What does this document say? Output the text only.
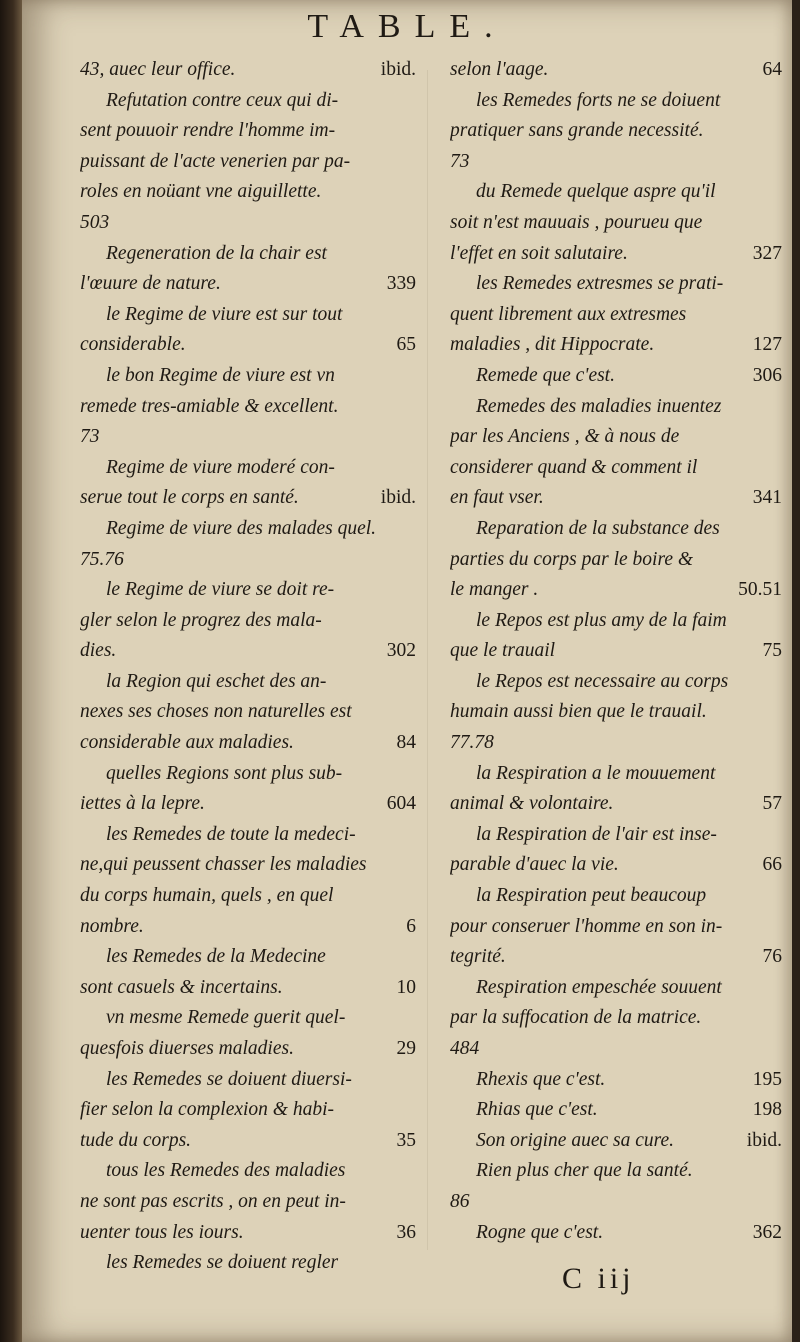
TABLE.
43, auec leur office.	ibid.
Refutation contre ceux qui di-
sent pouuoir rendre l'homme im-
puissant de l'acte venerien par pa-
roles en noüant vne aiguillette.
503
Regeneration de la chair est
l'œuure de nature.	339
le Regime de viure est sur tout
considerable.	65
le bon Regime de viure est vn
remede tres-amiable & excellent.
73
Regime de viure moderé con-
serue tout le corps en santé.	ibid.
Regime de viure des malades quel.
75.76
le Regime de viure se doit re-
gler selon le progrez des mala-
dies.	302
la Region qui eschet des an-
nexes ses choses non naturelles est
considerable aux maladies.	84
quelles Regions sont plus sub-
iettes à la lepre.	604
les Remedes de toute la medeci-
ne,qui peussent chasser les maladies
du corps humain, quels , en quel
nombre.	6
les Remedes de la Medecine
sont casuels & incertains.	10
vn mesme Remede guerit quel-
quesfois diuerses maladies.	29
les Remedes se doiuent diuersi-
fier selon la complexion & habi-
tude du corps.	35
tous les Remedes des maladies
ne sont pas escrits , on en peut in-
uenter tous les iours.	36
les Remedes se doiuent regler
selon l'aage.	64
les Remedes forts ne se doiuent
pratiquer sans grande necessité.
73
du Remede quelque aspre qu'il
soit n'est mauuais , pourueu que
l'effet en soit salutaire.	327
les Remedes extresmes se prati-
quent librement aux extresmes
maladies , dit Hippocrate.	127
Remede que c'est.	306
Remedes des maladies inuentez
par les Anciens , & à nous de
considerer quand & comment il
en faut vser.	341
Reparation de la substance des
parties du corps par le boire &
le manger .	50.51
le Repos est plus amy de la faim
que le trauail	75
le Repos est necessaire au corps
humain aussi bien que le trauail.
77.78
la Respiration a le mouuement
animal & volontaire.	57
la Respiration de l'air est inse-
parable d'auec la vie.	66
la Respiration peut beaucoup
pour conseruer l'homme en son in-
tegrité.	76
Respiration empeschée souuent
par la suffocation de la matrice.
484
Rhexis que c'est.	195
Rhias que c'est.	198
Son origine auec sa cure.	ibid.
Rien plus cher que la santé.
86
Rogne que c'est.	362
C iij
